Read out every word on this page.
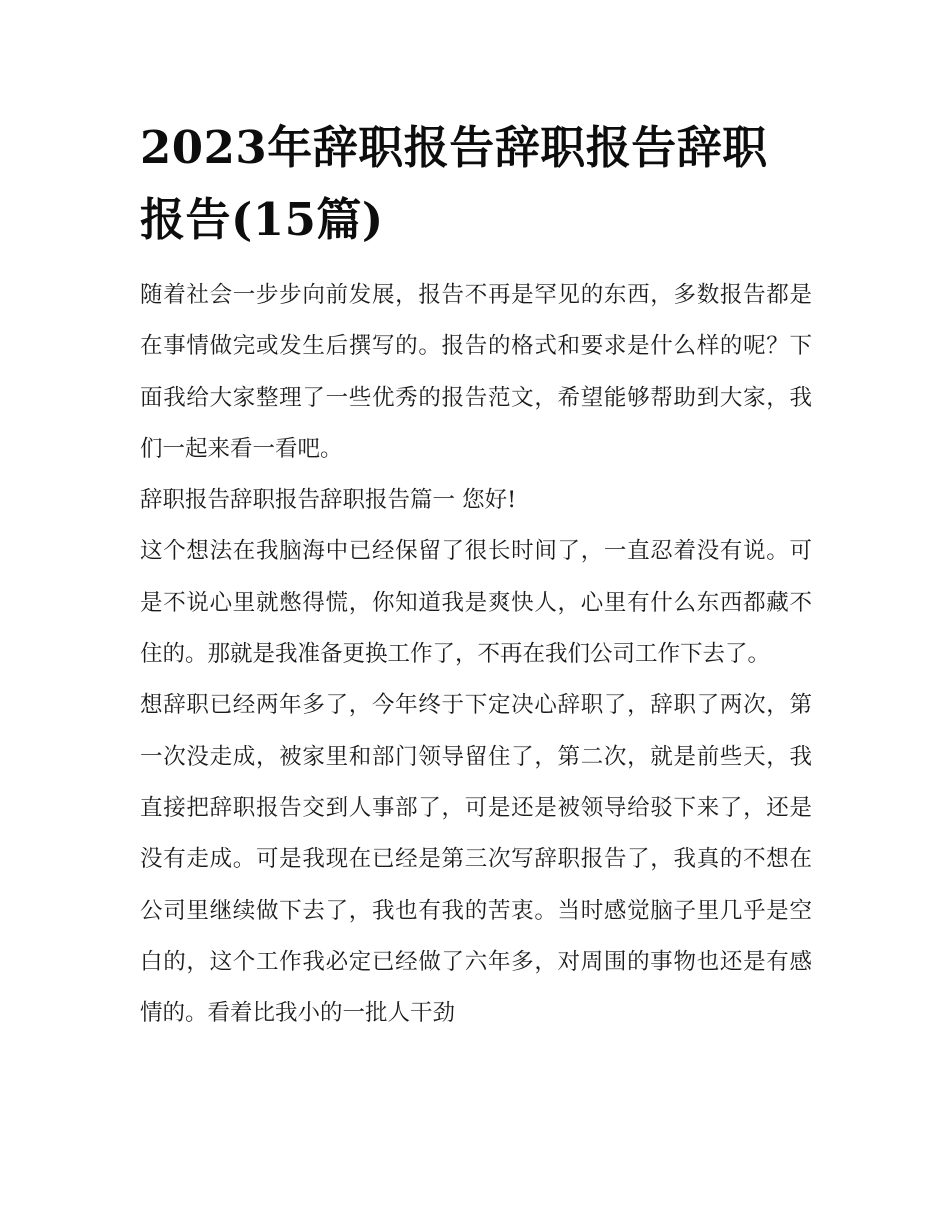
2023年辞职报告辞职报告辞职报告(15篇)

随着社会一步步向前发展，报告不再是罕见的东西，多数报告都是在事情做完或发生后撰写的。报告的格式和要求是什么样的呢？下面我给大家整理了一些优秀的报告范文，希望能够帮助到大家，我们一起来看一看吧。

辞职报告辞职报告辞职报告篇一 您好!

这个想法在我脑海中已经保留了很长时间了，一直忍着没有说。可是不说心里就憋得慌，你知道我是爽快人，心里有什么东西都藏不住的。那就是我准备更换工作了，不再在我们公司工作下去了。

想辞职已经两年多了，今年终于下定决心辞职了，辞职了两次，第一次没走成，被家里和部门领导留住了，第二次，就是前些天，我直接把辞职报告交到人事部了，可是还是被领导给驳下来了，还是没有走成。可是我现在已经是第三次写辞职报告了，我真的不想在公司里继续做下去了，我也有我的苦衷。当时感觉脑子里几乎是空白的，这个工作我必定已经做了六年多，对周围的事物也还是有感情的。看着比我小的一批人干劲
